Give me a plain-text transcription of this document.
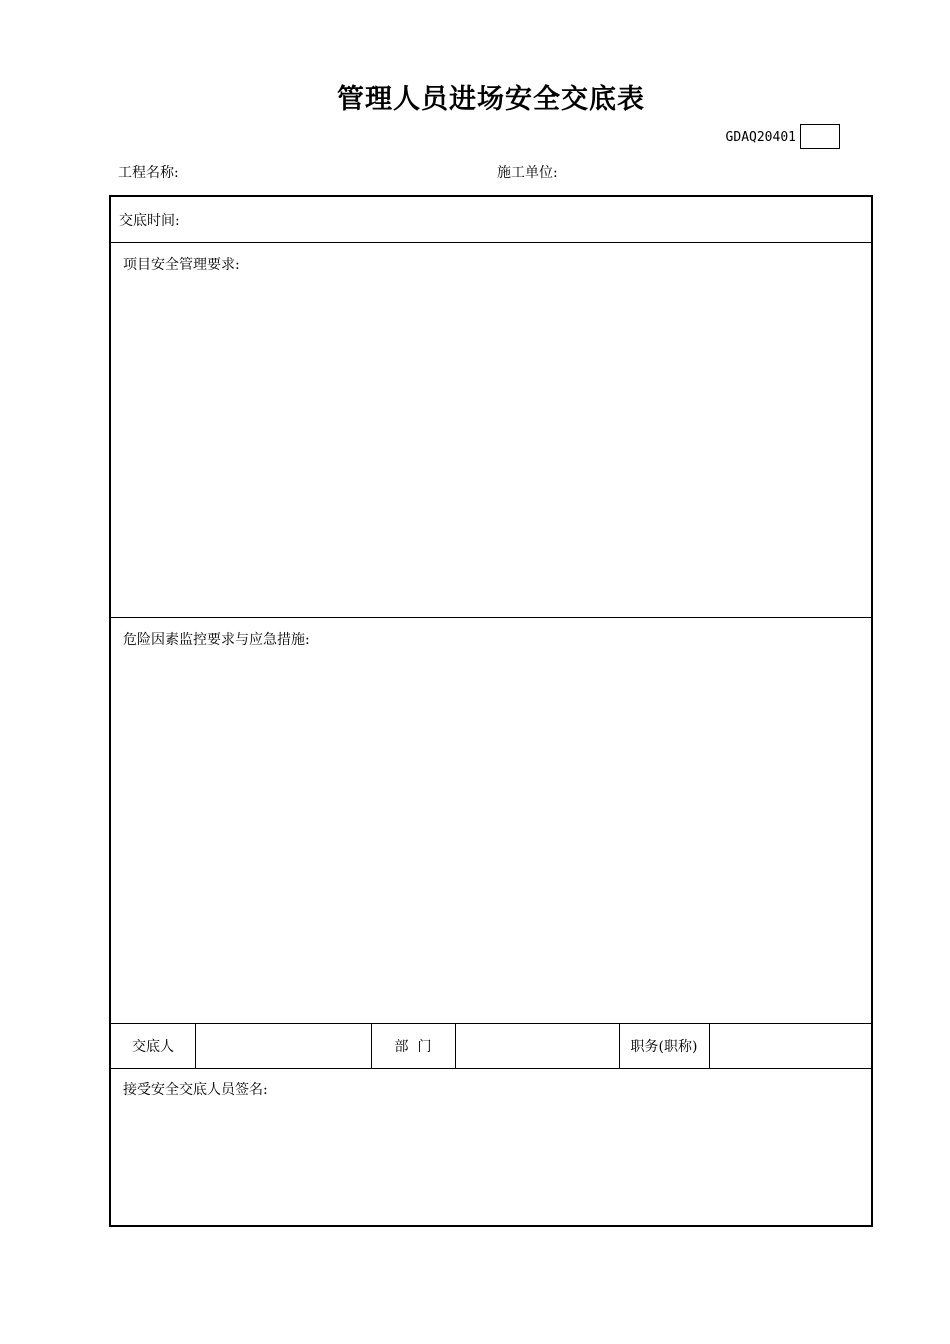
管理人员进场安全交底表
GDAQ20401
工程名称:	施工单位:
交底时间:
项目安全管理要求:
危险因素监控要求与应急措施:
交底人	部  门	职务(职称)
接受安全交底人员签名:
